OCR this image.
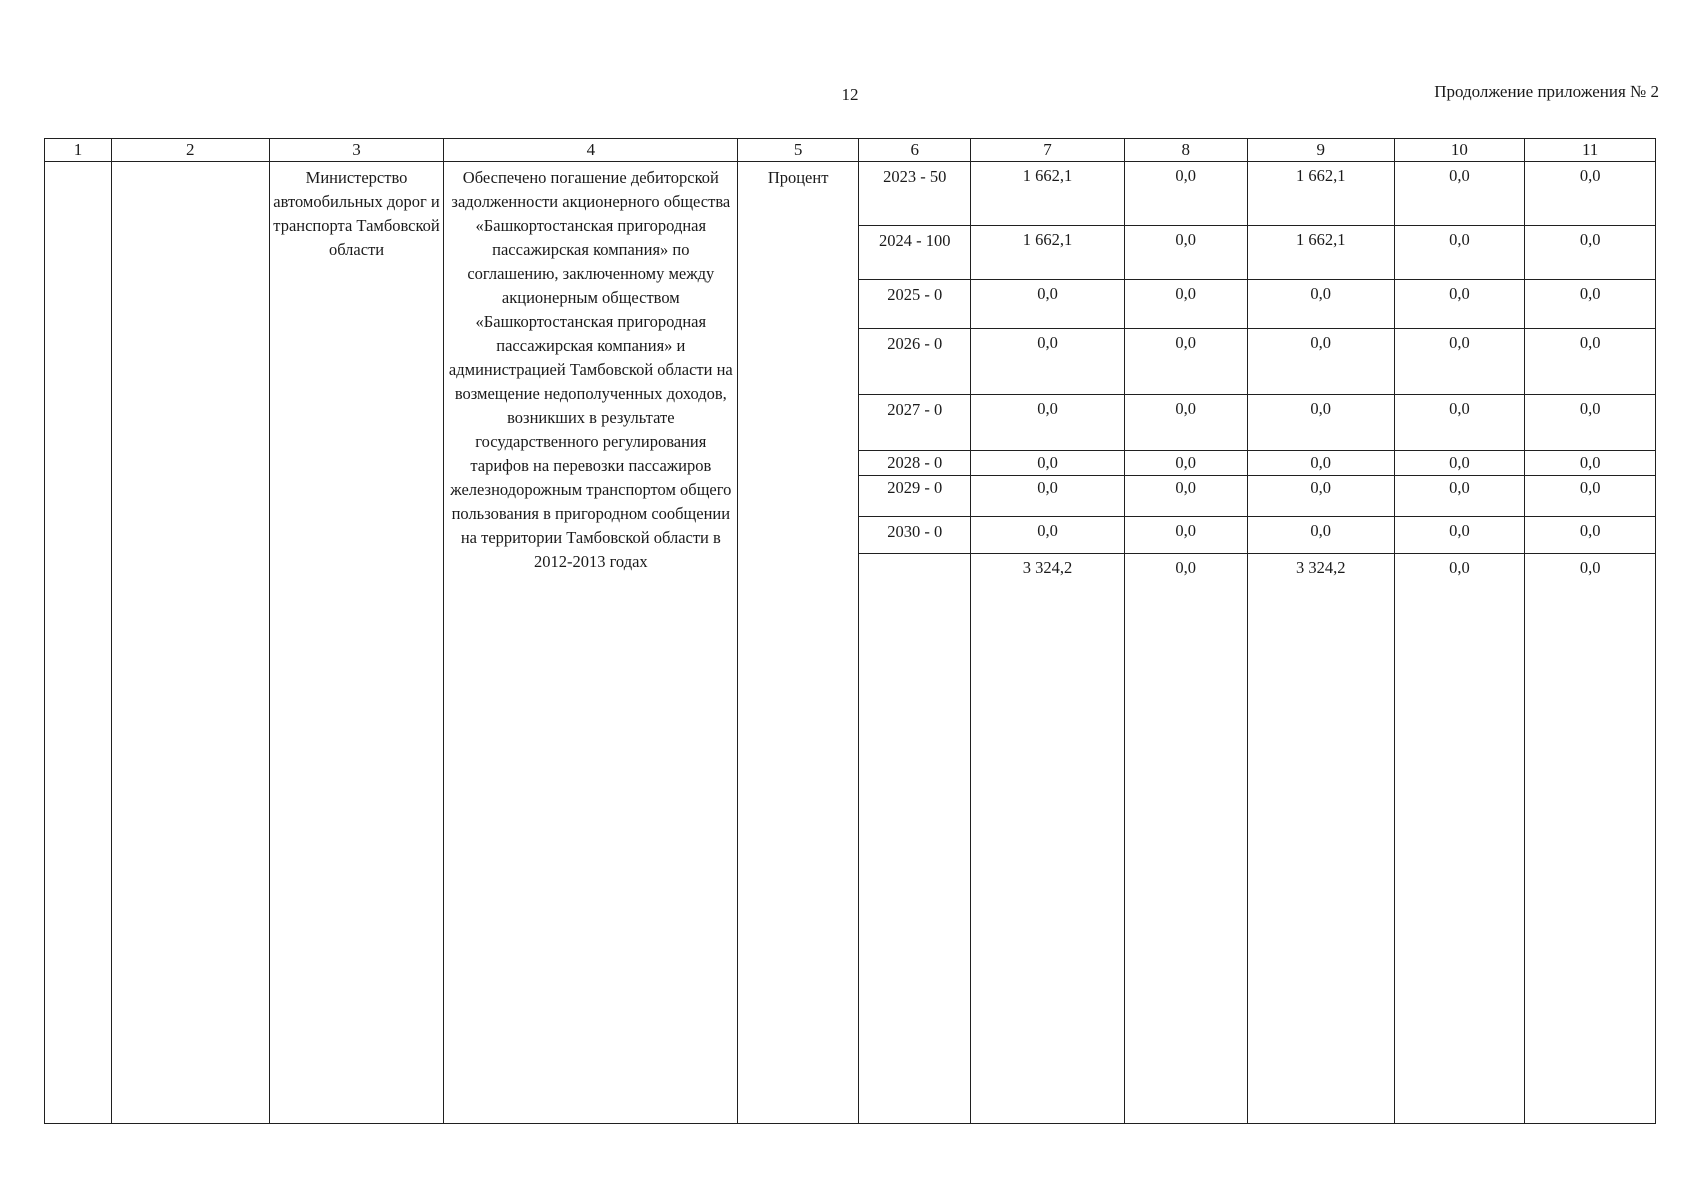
12	Продолжение приложения № 2
1	2	3	4	5	6	7	8	9	10	11
		Министерство автомобильных дорог и транспорта Тамбовской области	Обеспечено погашение дебиторской задолженности акционерного общества «Башкортостанская пригородная пассажирская компания» по соглашению, заключенному между акционерным обществом «Башкортостанская пригородная пассажирская компания» и администрацией Тамбовской области на возмещение недополученных доходов, возникших в результате государственного регулирования тарифов на перевозки пассажиров железнодорожным транспортом общего пользования в пригородном сообщении на территории Тамбовской области в 2012-2013 годах	Процент	2023 - 50	1 662,1	0,0	1 662,1	0,0	0,0
					2024 - 100	1 662,1	0,0	1 662,1	0,0	0,0
					2025 - 0	0,0	0,0	0,0	0,0	0,0
					2026 - 0	0,0	0,0	0,0	0,0	0,0
					2027 - 0	0,0	0,0	0,0	0,0	0,0
					2028 - 0	0,0	0,0	0,0	0,0	0,0
					2029 - 0	0,0	0,0	0,0	0,0	0,0
					2030 - 0	0,0	0,0	0,0	0,0	0,0
						3 324,2	0,0	3 324,2	0,0	0,0
